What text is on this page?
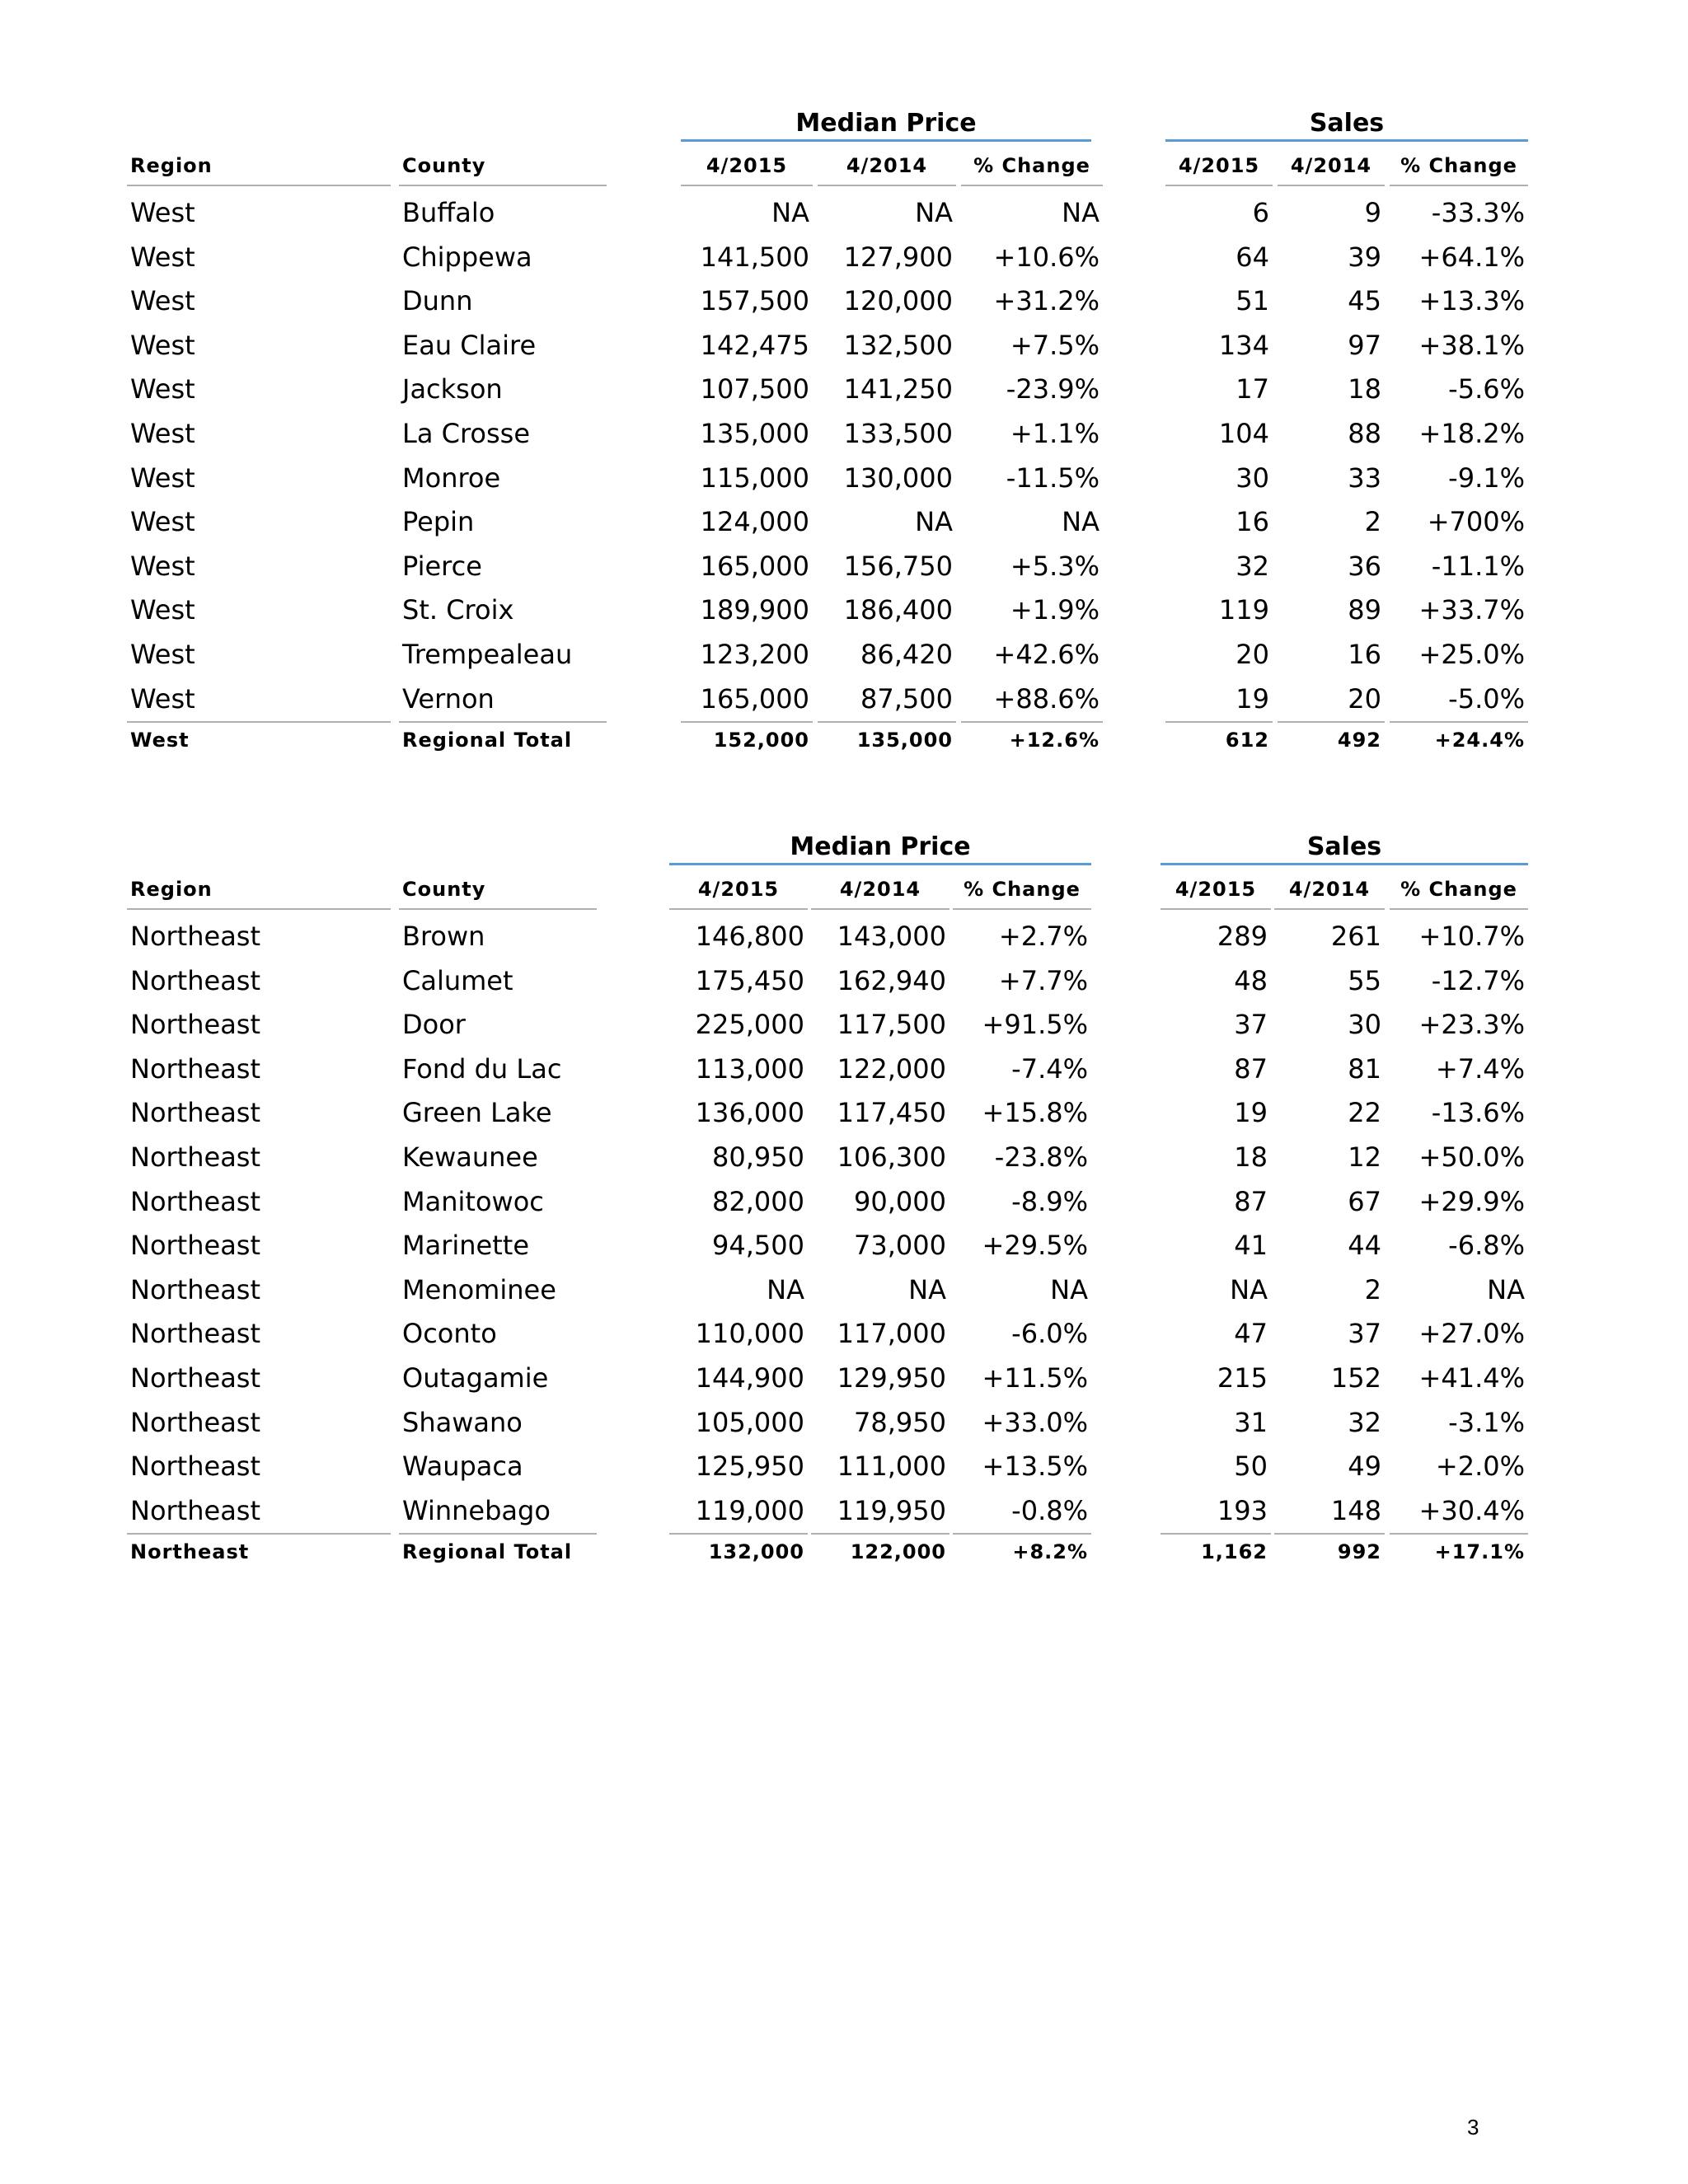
Median Price	Sales
Region	County	4/2015	4/2014	% Change	4/2015	4/2014	% Change
West	Buffalo	NA	NA	NA	6	9	-33.3%
West	Chippewa	141,500	127,900	+10.6%	64	39	+64.1%
West	Dunn	157,500	120,000	+31.2%	51	45	+13.3%
West	Eau Claire	142,475	132,500	+7.5%	134	97	+38.1%
West	Jackson	107,500	141,250	-23.9%	17	18	-5.6%
West	La Crosse	135,000	133,500	+1.1%	104	88	+18.2%
West	Monroe	115,000	130,000	-11.5%	30	33	-9.1%
West	Pepin	124,000	NA	NA	16	2	+700%
West	Pierce	165,000	156,750	+5.3%	32	36	-11.1%
West	St. Croix	189,900	186,400	+1.9%	119	89	+33.7%
West	Trempealeau	123,200	86,420	+42.6%	20	16	+25.0%
West	Vernon	165,000	87,500	+88.6%	19	20	-5.0%
West	Regional Total	152,000	135,000	+12.6%	612	492	+24.4%
Median Price	Sales
Region	County	4/2015	4/2014	% Change	4/2015	4/2014	% Change
Northeast	Brown	146,800	143,000	+2.7%	289	261	+10.7%
Northeast	Calumet	175,450	162,940	+7.7%	48	55	-12.7%
Northeast	Door	225,000	117,500	+91.5%	37	30	+23.3%
Northeast	Fond du Lac	113,000	122,000	-7.4%	87	81	+7.4%
Northeast	Green Lake	136,000	117,450	+15.8%	19	22	-13.6%
Northeast	Kewaunee	80,950	106,300	-23.8%	18	12	+50.0%
Northeast	Manitowoc	82,000	90,000	-8.9%	87	67	+29.9%
Northeast	Marinette	94,500	73,000	+29.5%	41	44	-6.8%
Northeast	Menominee	NA	NA	NA	NA	2	NA
Northeast	Oconto	110,000	117,000	-6.0%	47	37	+27.0%
Northeast	Outagamie	144,900	129,950	+11.5%	215	152	+41.4%
Northeast	Shawano	105,000	78,950	+33.0%	31	32	-3.1%
Northeast	Waupaca	125,950	111,000	+13.5%	50	49	+2.0%
Northeast	Winnebago	119,000	119,950	-0.8%	193	148	+30.4%
Northeast	Regional Total	132,000	122,000	+8.2%	1,162	992	+17.1%
3
